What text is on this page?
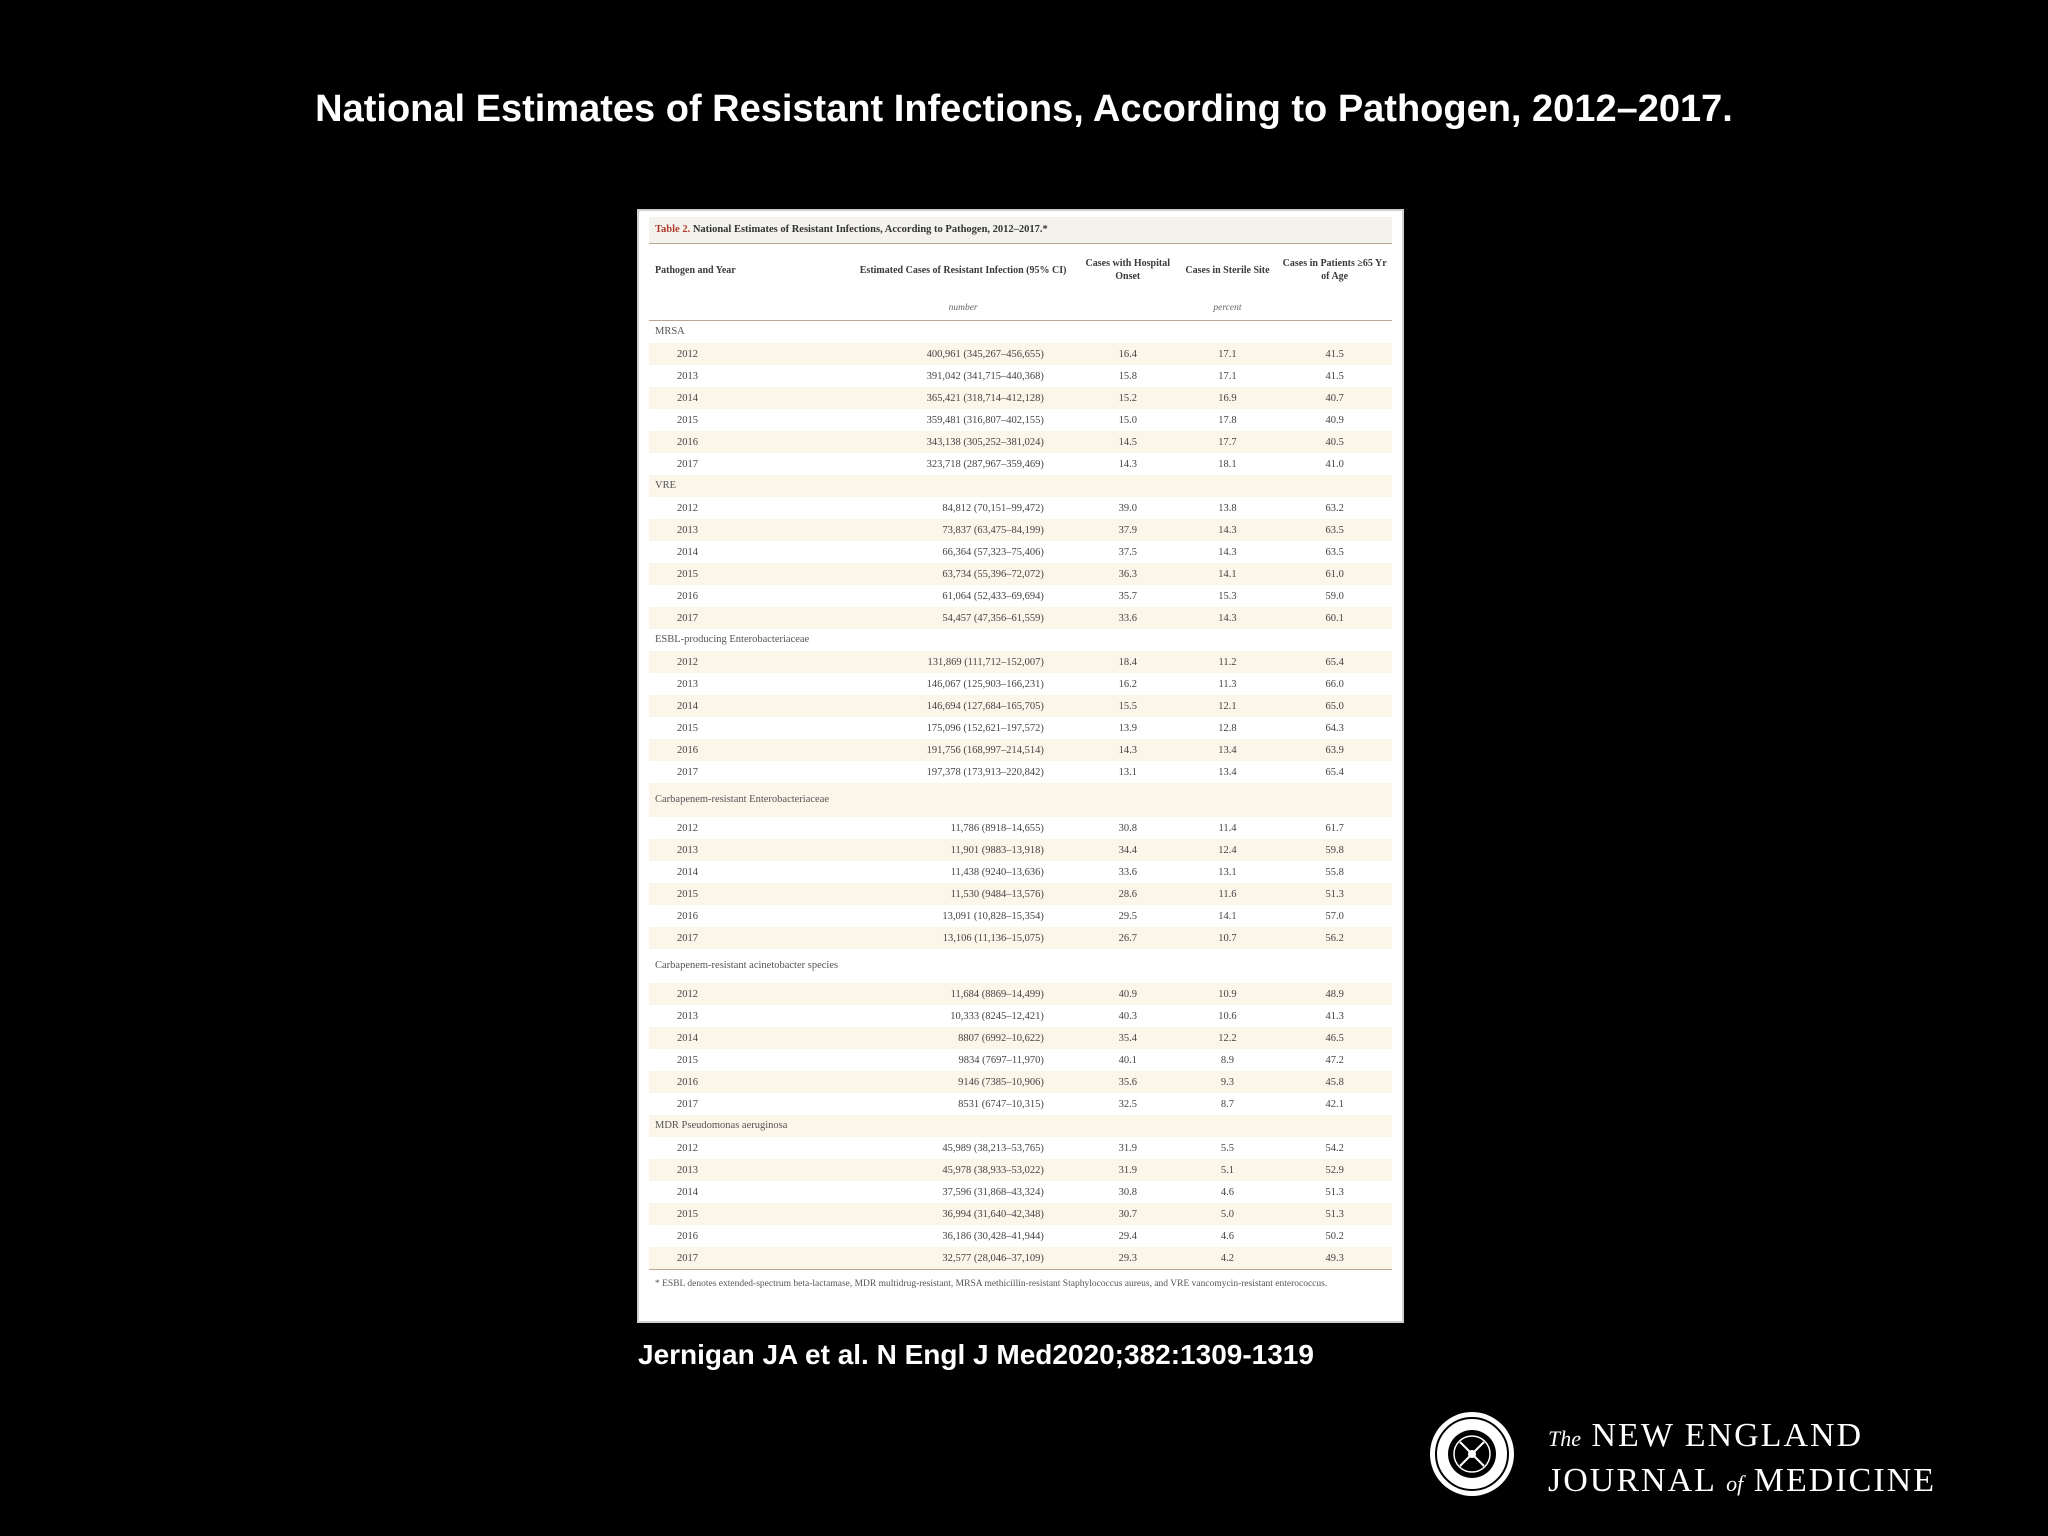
National Estimates of Resistant Infections, According to Pathogen, 2012–2017.
Table 2. National Estimates of Resistant Infections, According to Pathogen, 2012–2017.*
Pathogen and Year	Estimated Cases of Resistant Infection (95% CI)	Cases with Hospital Onset	Cases in Sterile Site	Cases in Patients ≥65 Yr of Age
	number		percent	
MRSA				
2012	400,961 (345,267–456,655)	16.4	17.1	41.5
2013	391,042 (341,715–440,368)	15.8	17.1	41.5
2014	365,421 (318,714–412,128)	15.2	16.9	40.7
2015	359,481 (316,807–402,155)	15.0	17.8	40.9
2016	343,138 (305,252–381,024)	14.5	17.7	40.5
2017	323,718 (287,967–359,469)	14.3	18.1	41.0
VRE				
2012	84,812 (70,151–99,472)	39.0	13.8	63.2
2013	73,837 (63,475–84,199)	37.9	14.3	63.5
2014	66,364 (57,323–75,406)	37.5	14.3	63.5
2015	63,734 (55,396–72,072)	36.3	14.1	61.0
2016	61,064 (52,433–69,694)	35.7	15.3	59.0
2017	54,457 (47,356–61,559)	33.6	14.3	60.1
ESBL-producing Enterobacteriaceae				
2012	131,869 (111,712–152,007)	18.4	11.2	65.4
2013	146,067 (125,903–166,231)	16.2	11.3	66.0
2014	146,694 (127,684–165,705)	15.5	12.1	65.0
2015	175,096 (152,621–197,572)	13.9	12.8	64.3
2016	191,756 (168,997–214,514)	14.3	13.4	63.9
2017	197,378 (173,913–220,842)	13.1	13.4	65.4
Carbapenem-resistant Enterobacteriaceae				
2012	11,786 (8918–14,655)	30.8	11.4	61.7
2013	11,901 (9883–13,918)	34.4	12.4	59.8
2014	11,438 (9240–13,636)	33.6	13.1	55.8
2015	11,530 (9484–13,576)	28.6	11.6	51.3
2016	13,091 (10,828–15,354)	29.5	14.1	57.0
2017	13,106 (11,136–15,075)	26.7	10.7	56.2
Carbapenem-resistant acinetobacter species				
2012	11,684 (8869–14,499)	40.9	10.9	48.9
2013	10,333 (8245–12,421)	40.3	10.6	41.3
2014	8807 (6992–10,622)	35.4	12.2	46.5
2015	9834 (7697–11,970)	40.1	8.9	47.2
2016	9146 (7385–10,906)	35.6	9.3	45.8
2017	8531 (6747–10,315)	32.5	8.7	42.1
MDR Pseudomonas aeruginosa				
2012	45,989 (38,213–53,765)	31.9	5.5	54.2
2013	45,978 (38,933–53,022)	31.9	5.1	52.9
2014	37,596 (31,868–43,324)	30.8	4.6	51.3
2015	36,994 (31,640–42,348)	30.7	5.0	51.3
2016	36,186 (30,428–41,944)	29.4	4.6	50.2
2017	32,577 (28,046–37,109)	29.3	4.2	49.3
* ESBL denotes extended-spectrum beta-lactamase, MDR multidrug-resistant, MRSA methicillin-resistant Staphylococcus aureus, and VRE vancomycin-resistant enterococcus.
Jernigan JA et al. N Engl J Med2020;382:1309-1319
The NEW ENGLAND
JOURNAL of MEDICINE
